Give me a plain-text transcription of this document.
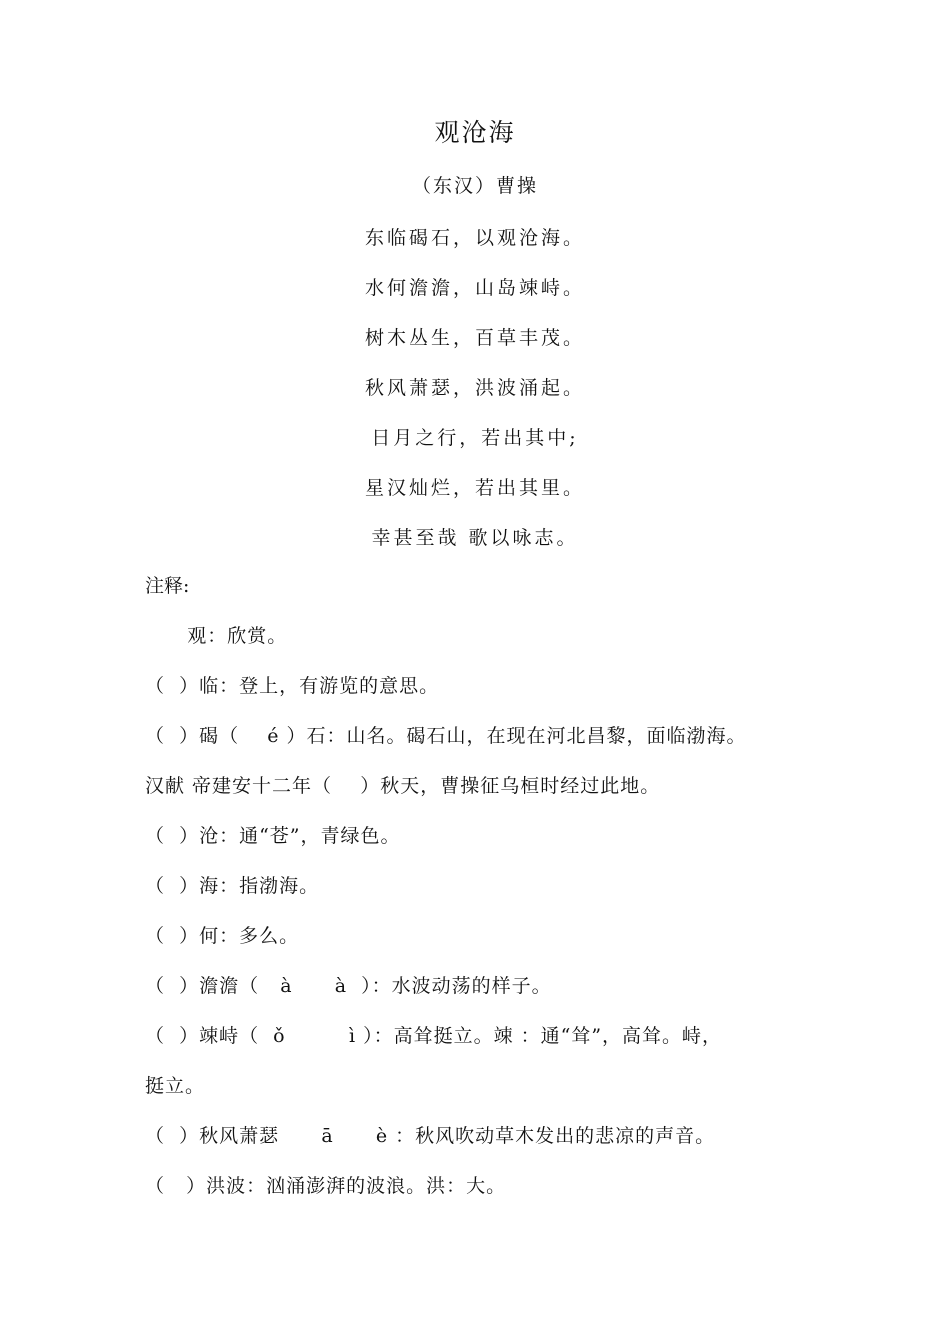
观沧海
（东汉）曹操
东临碣石，以观沧海。
水何澹澹，山岛竦峙。
树木丛生，百草丰茂。
秋风萧瑟，洪波涌起。
日月之行，若出其中;
星汉灿烂，若出其里。
幸甚至哉 歌以咏志。
注释:
观：欣赏。
（  ）临：登上，有游览的意思。
（  ）碣（    é ）石：山名。碣石山，在现在河北昌黎，面临渤海。
汉献 帝建安十二年（    ）秋天，曹操征乌桓时经过此地。
（  ）沧：通“苍”，青绿色。
（  ）海：指渤海。
（  ）何：多么。
（  ）澹澹（   à      à  ）：水波动荡的样子。
（  ）竦峙（  ǒ         ì ）：高耸挺立。竦 ：通“耸”，高耸。峙，
挺立。
（  ）秋风萧瑟      ā      è ：秋风吹动草木发出的悲凉的声音。
（   ）洪波：汹涌澎湃的波浪。洪：大。
